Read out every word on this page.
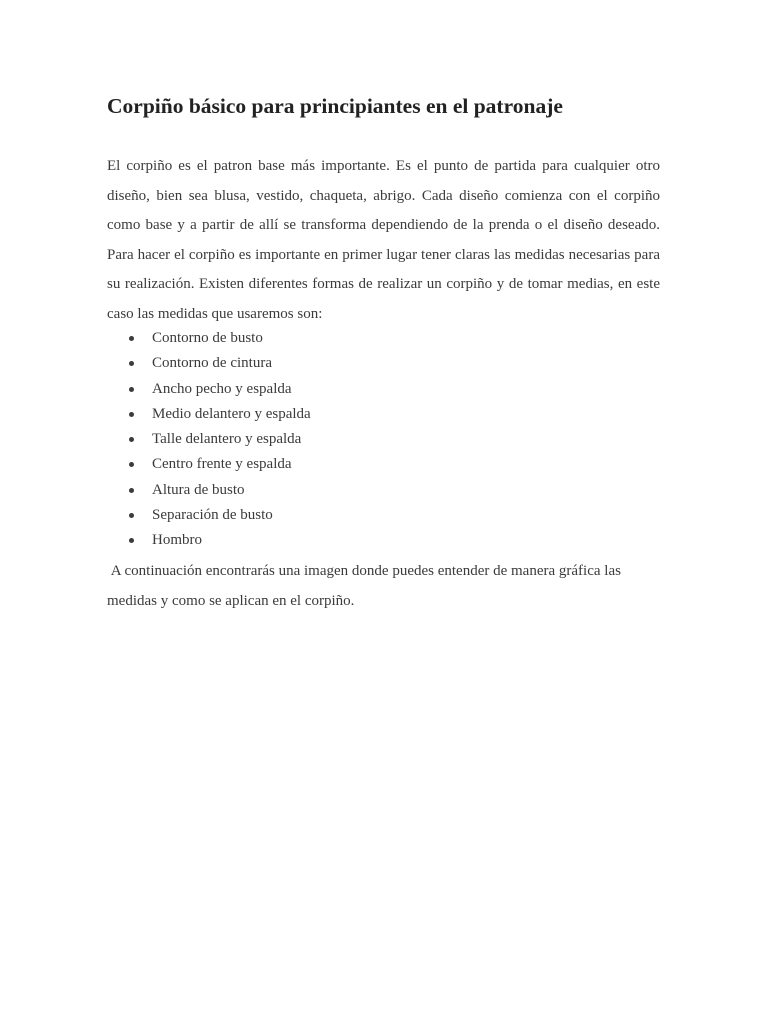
Corpiño básico para principiantes en el patronaje

El corpiño es el patron base más importante. Es el punto de partida para cualquier otro diseño, bien sea blusa, vestido, chaqueta, abrigo. Cada diseño comienza con el corpiño como base y a partir de allí se transforma dependiendo de la prenda o el diseño deseado. Para hacer el corpiño es importante en primer lugar tener claras las medidas necesarias para su realización. Existen diferentes formas de realizar un corpiño y de tomar medias, en este caso las medidas que usaremos son:

Contorno de busto
Contorno de cintura
Ancho pecho y espalda
Medio delantero y espalda
Talle delantero y espalda
Centro frente y espalda
Altura de busto
Separación de busto
Hombro

A continuación encontrarás una imagen donde puedes entender de manera gráfica las medidas y como se aplican en el corpiño.
